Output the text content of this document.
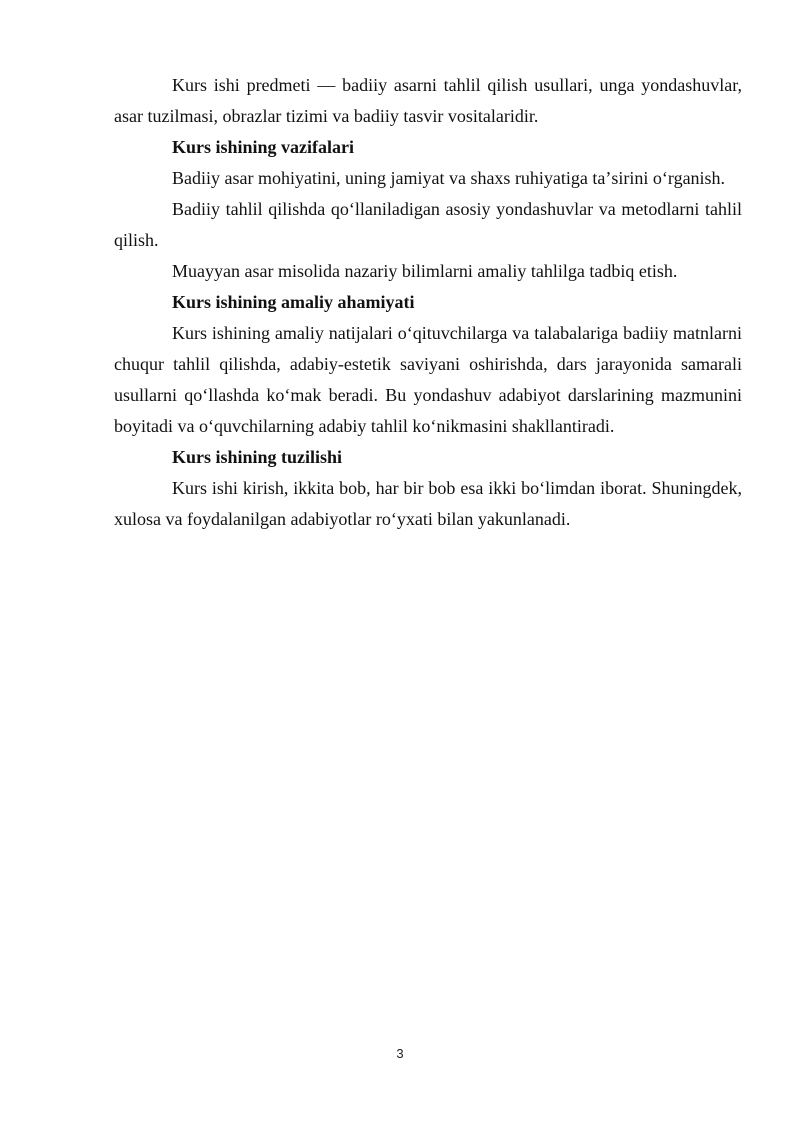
Kurs ishi predmeti — badiiy asarni tahlil qilish usullari, unga yondashuvlar, asar tuzilmasi, obrazlar tizimi va badiiy tasvir vositalaridir.

Kurs ishining vazifalari

Badiiy asar mohiyatini, uning jamiyat va shaxs ruhiyatiga taʼsirini oʻrganish.

Badiiy tahlil qilishda qoʻllaniladigan asosiy yondashuvlar va metodlarni tahlil qilish.

Muayyan asar misolida nazariy bilimlarni amaliy tahlilga tadbiq etish.

Kurs ishining amaliy ahamiyati

Kurs ishining amaliy natijalari oʻqituvchilarga va talabalariga badiiy matnlarni chuqur tahlil qilishda, adabiy-estetik saviyani oshirishda, dars jarayonida samarali usullarni qoʻllashda koʻmak beradi. Bu yondashuv adabiyot darslarining mazmunini boyitadi va oʻquvchilarning adabiy tahlil koʻnikmasini shakllantiradi.

Kurs ishining tuzilishi

Kurs ishi kirish, ikkita bob, har bir bob esa ikki boʻlimdan iborat. Shuningdek, xulosa va foydalanilgan adabiyotlar roʻyxati bilan yakunlanadi.

3
